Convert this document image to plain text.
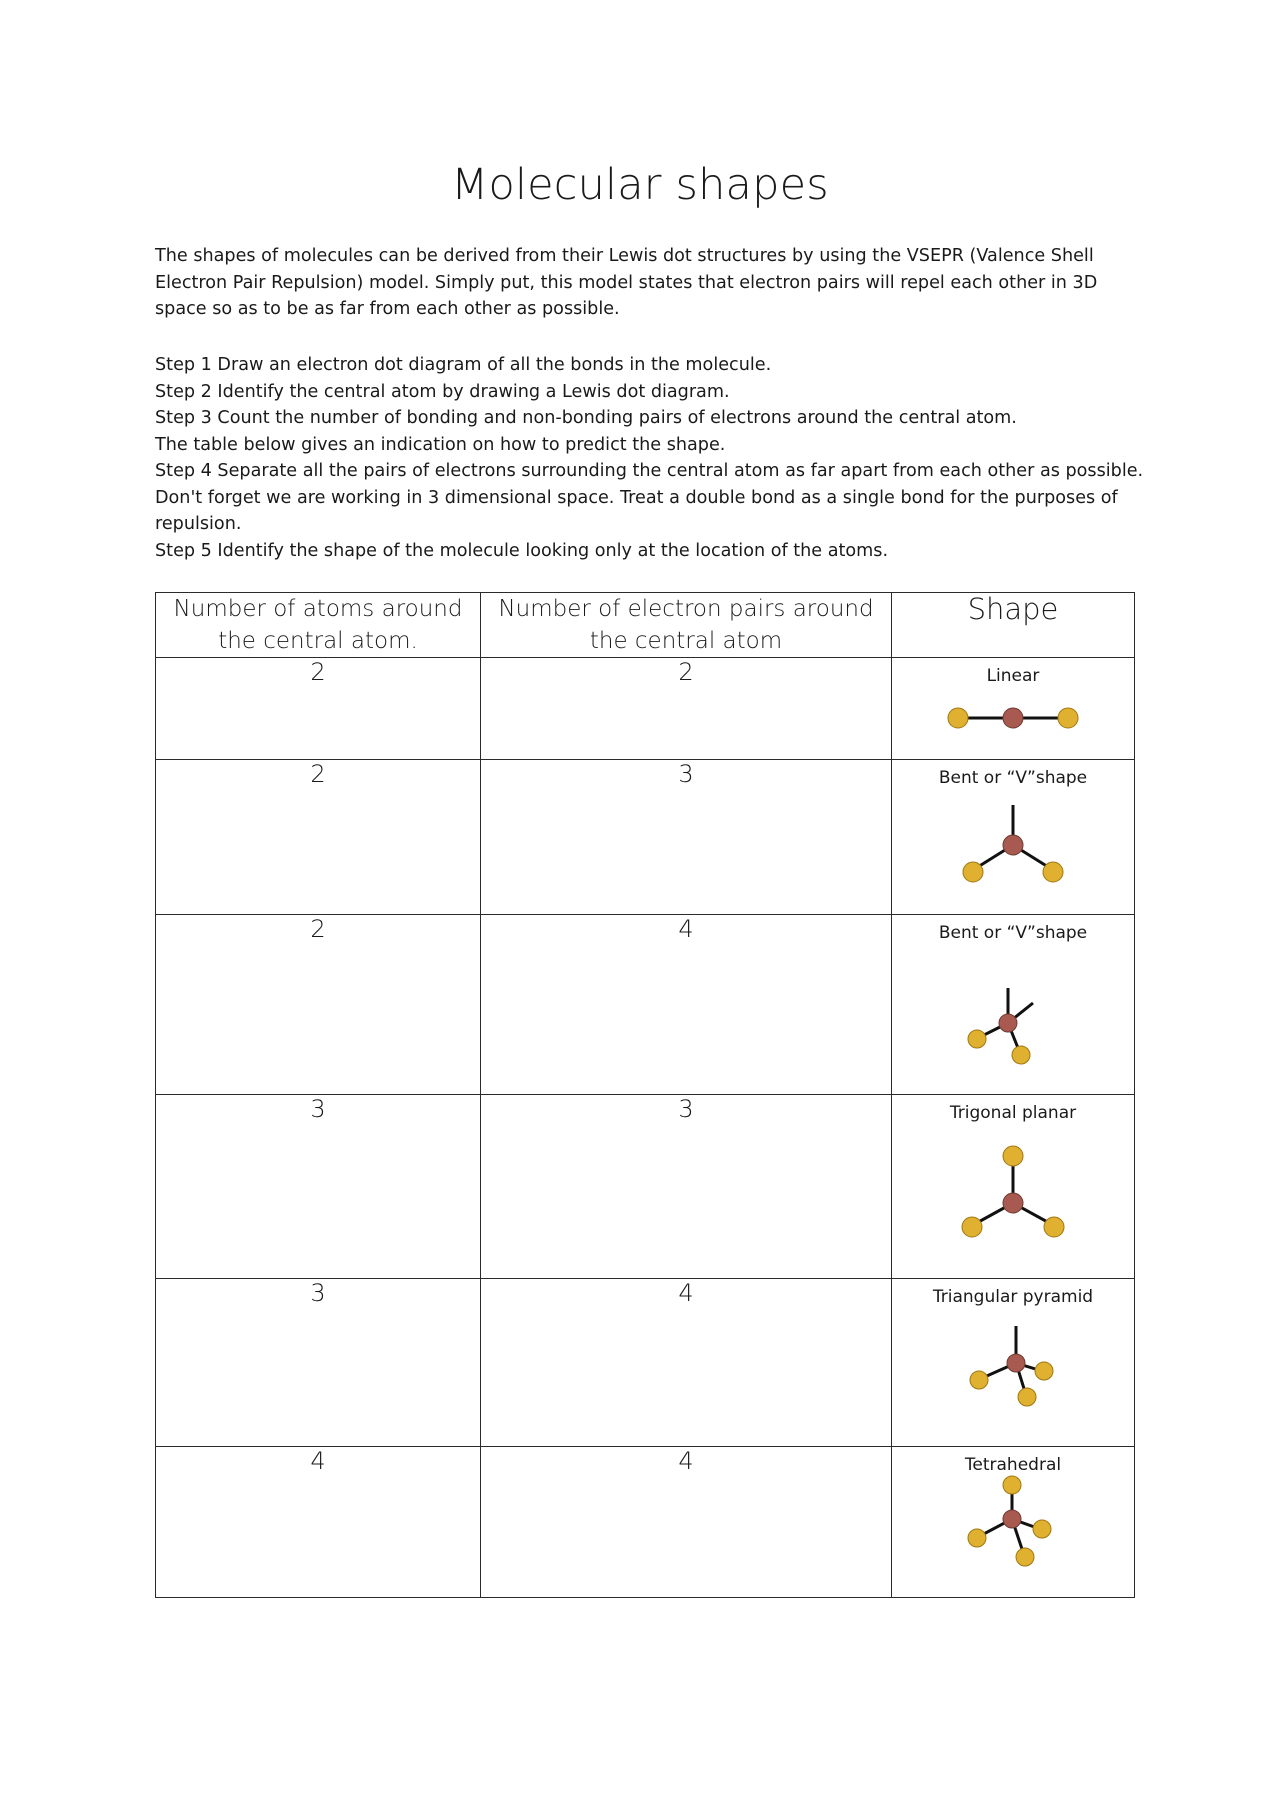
Molecular shapes
The shapes of molecules can be derived from their Lewis dot structures by using the VSEPR (Valence Shell Electron Pair Repulsion) model. Simply put, this model states that electron pairs will repel each other in 3D space so as to be as far from each other as possible.

Step 1 Draw an electron dot diagram of all the bonds in the molecule.

Step 2 Identify the central atom by drawing a Lewis dot diagram.

Step 3 Count the number of bonding and non-bonding pairs of electrons around the central atom.

The table below gives an indication on how to predict the shape.

Step 4 Separate all the pairs of electrons surrounding the central atom as far apart from each other as possible. Don't forget we are working in 3 dimensional space. Treat a double bond as a single bond for the purposes of repulsion.

Step 5 Identify the shape of the molecule looking only at the location of the atoms.

Number of atoms around the central atom.	Number of electron pairs around the central atom	Shape
2	2	Linear

2	3	Bent or “V”shape

2	4	Bent or “V”shape

3	3	Trigonal planar

3	4	Triangular pyramid

4	4	Tetrahedral
